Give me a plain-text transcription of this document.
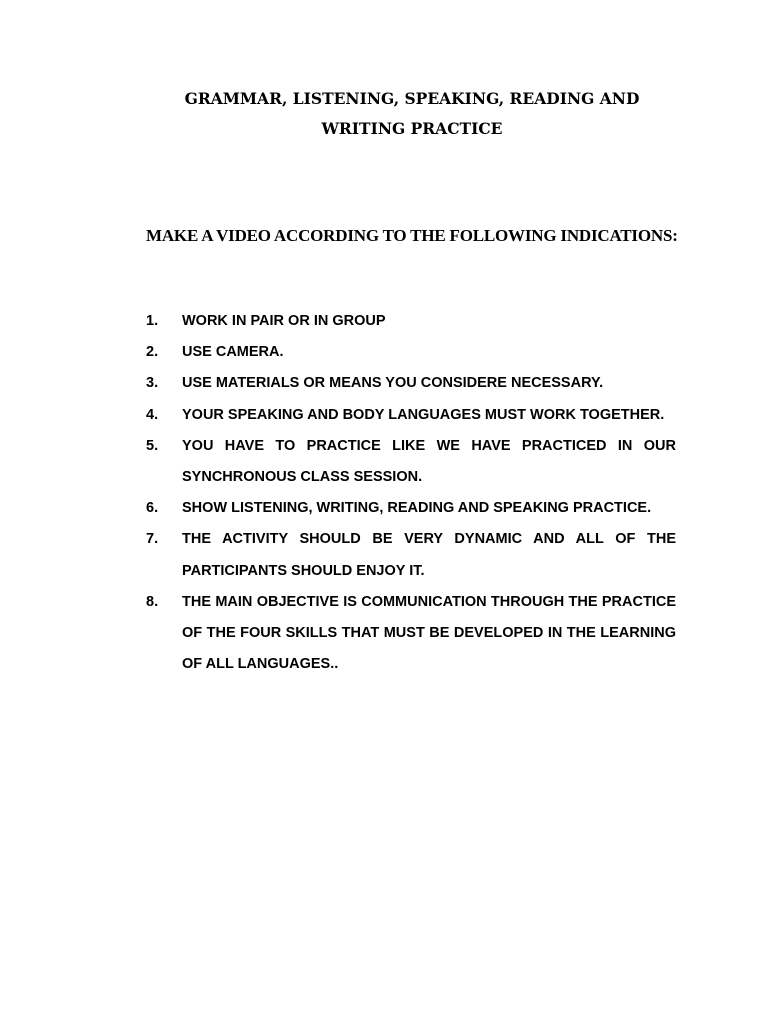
GRAMMAR, LISTENING, SPEAKING, READING AND
WRITING PRACTICE
MAKE A VIDEO ACCORDING TO THE FOLLOWING INDICATIONS:
1.	WORK IN PAIR OR IN GROUP
2.	USE CAMERA.
3.	USE MATERIALS OR MEANS YOU CONSIDERE NECESSARY.
4.	YOUR SPEAKING AND BODY LANGUAGES MUST WORK TOGETHER.
5.	YOU HAVE TO PRACTICE LIKE WE HAVE PRACTICED IN OUR SYNCHRONOUS CLASS SESSION.
6.	SHOW LISTENING, WRITING, READING AND SPEAKING PRACTICE.
7.	THE ACTIVITY SHOULD BE VERY DYNAMIC AND ALL OF THE PARTICIPANTS SHOULD ENJOY IT.
8.	THE MAIN OBJECTIVE IS COMMUNICATION THROUGH THE PRACTICE OF THE FOUR SKILLS THAT MUST BE DEVELOPED IN THE LEARNING OF ALL LANGUAGES..
